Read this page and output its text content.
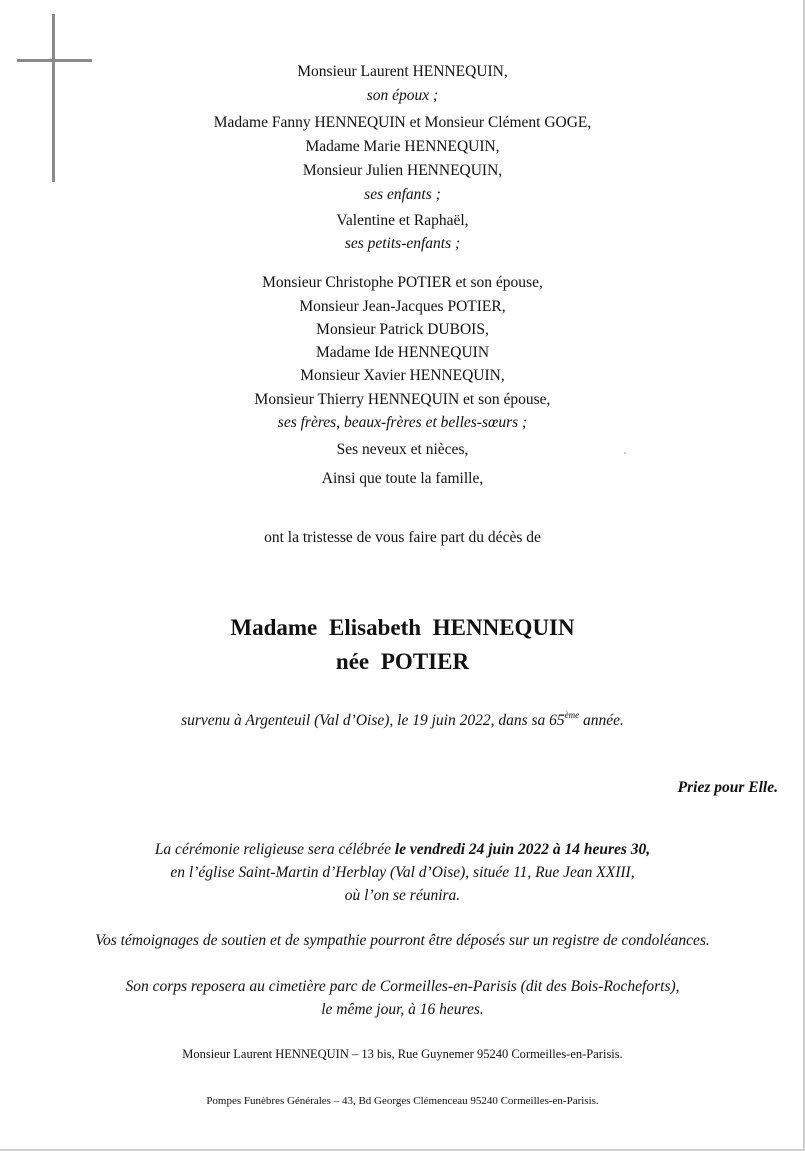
Monsieur Laurent HENNEQUIN,
son époux ;
Madame Fanny HENNEQUIN et Monsieur Clément GOGE,
Madame Marie HENNEQUIN,
Monsieur Julien HENNEQUIN,
ses enfants ;
Valentine et Raphaël,
ses petits-enfants ;
Monsieur Christophe POTIER et son épouse,
Monsieur Jean-Jacques POTIER,
Monsieur Patrick DUBOIS,
Madame Ide HENNEQUIN
Monsieur Xavier HENNEQUIN,
Monsieur Thierry HENNEQUIN et son épouse,
ses frères, beaux-frères et belles-sœurs ;
Ses neveux et nièces,
Ainsi que toute la famille,
ont la tristesse de vous faire part du décès de
Madame Elisabeth HENNEQUIN
née POTIER
survenu à Argenteuil (Val d’Oise), le 19 juin 2022, dans sa 65ème année.
Priez pour Elle.
La cérémonie religieuse sera célébrée le vendredi 24 juin 2022 à 14 heures 30,
en l’église Saint-Martin d’Herblay (Val d’Oise), située 11, Rue Jean XXIII,
où l’on se réunira.
Vos témoignages de soutien et de sympathie pourront être déposés sur un registre de condoléances.
Son corps reposera au cimetière parc de Cormeilles-en-Parisis (dit des Bois-Rocheforts),
le même jour, à 16 heures.
Monsieur Laurent HENNEQUIN – 13 bis, Rue Guynemer 95240 Cormeilles-en-Parisis.
Pompes Funèbres Générales – 43, Bd Georges Clémenceau 95240 Cormeilles-en-Parisis.
